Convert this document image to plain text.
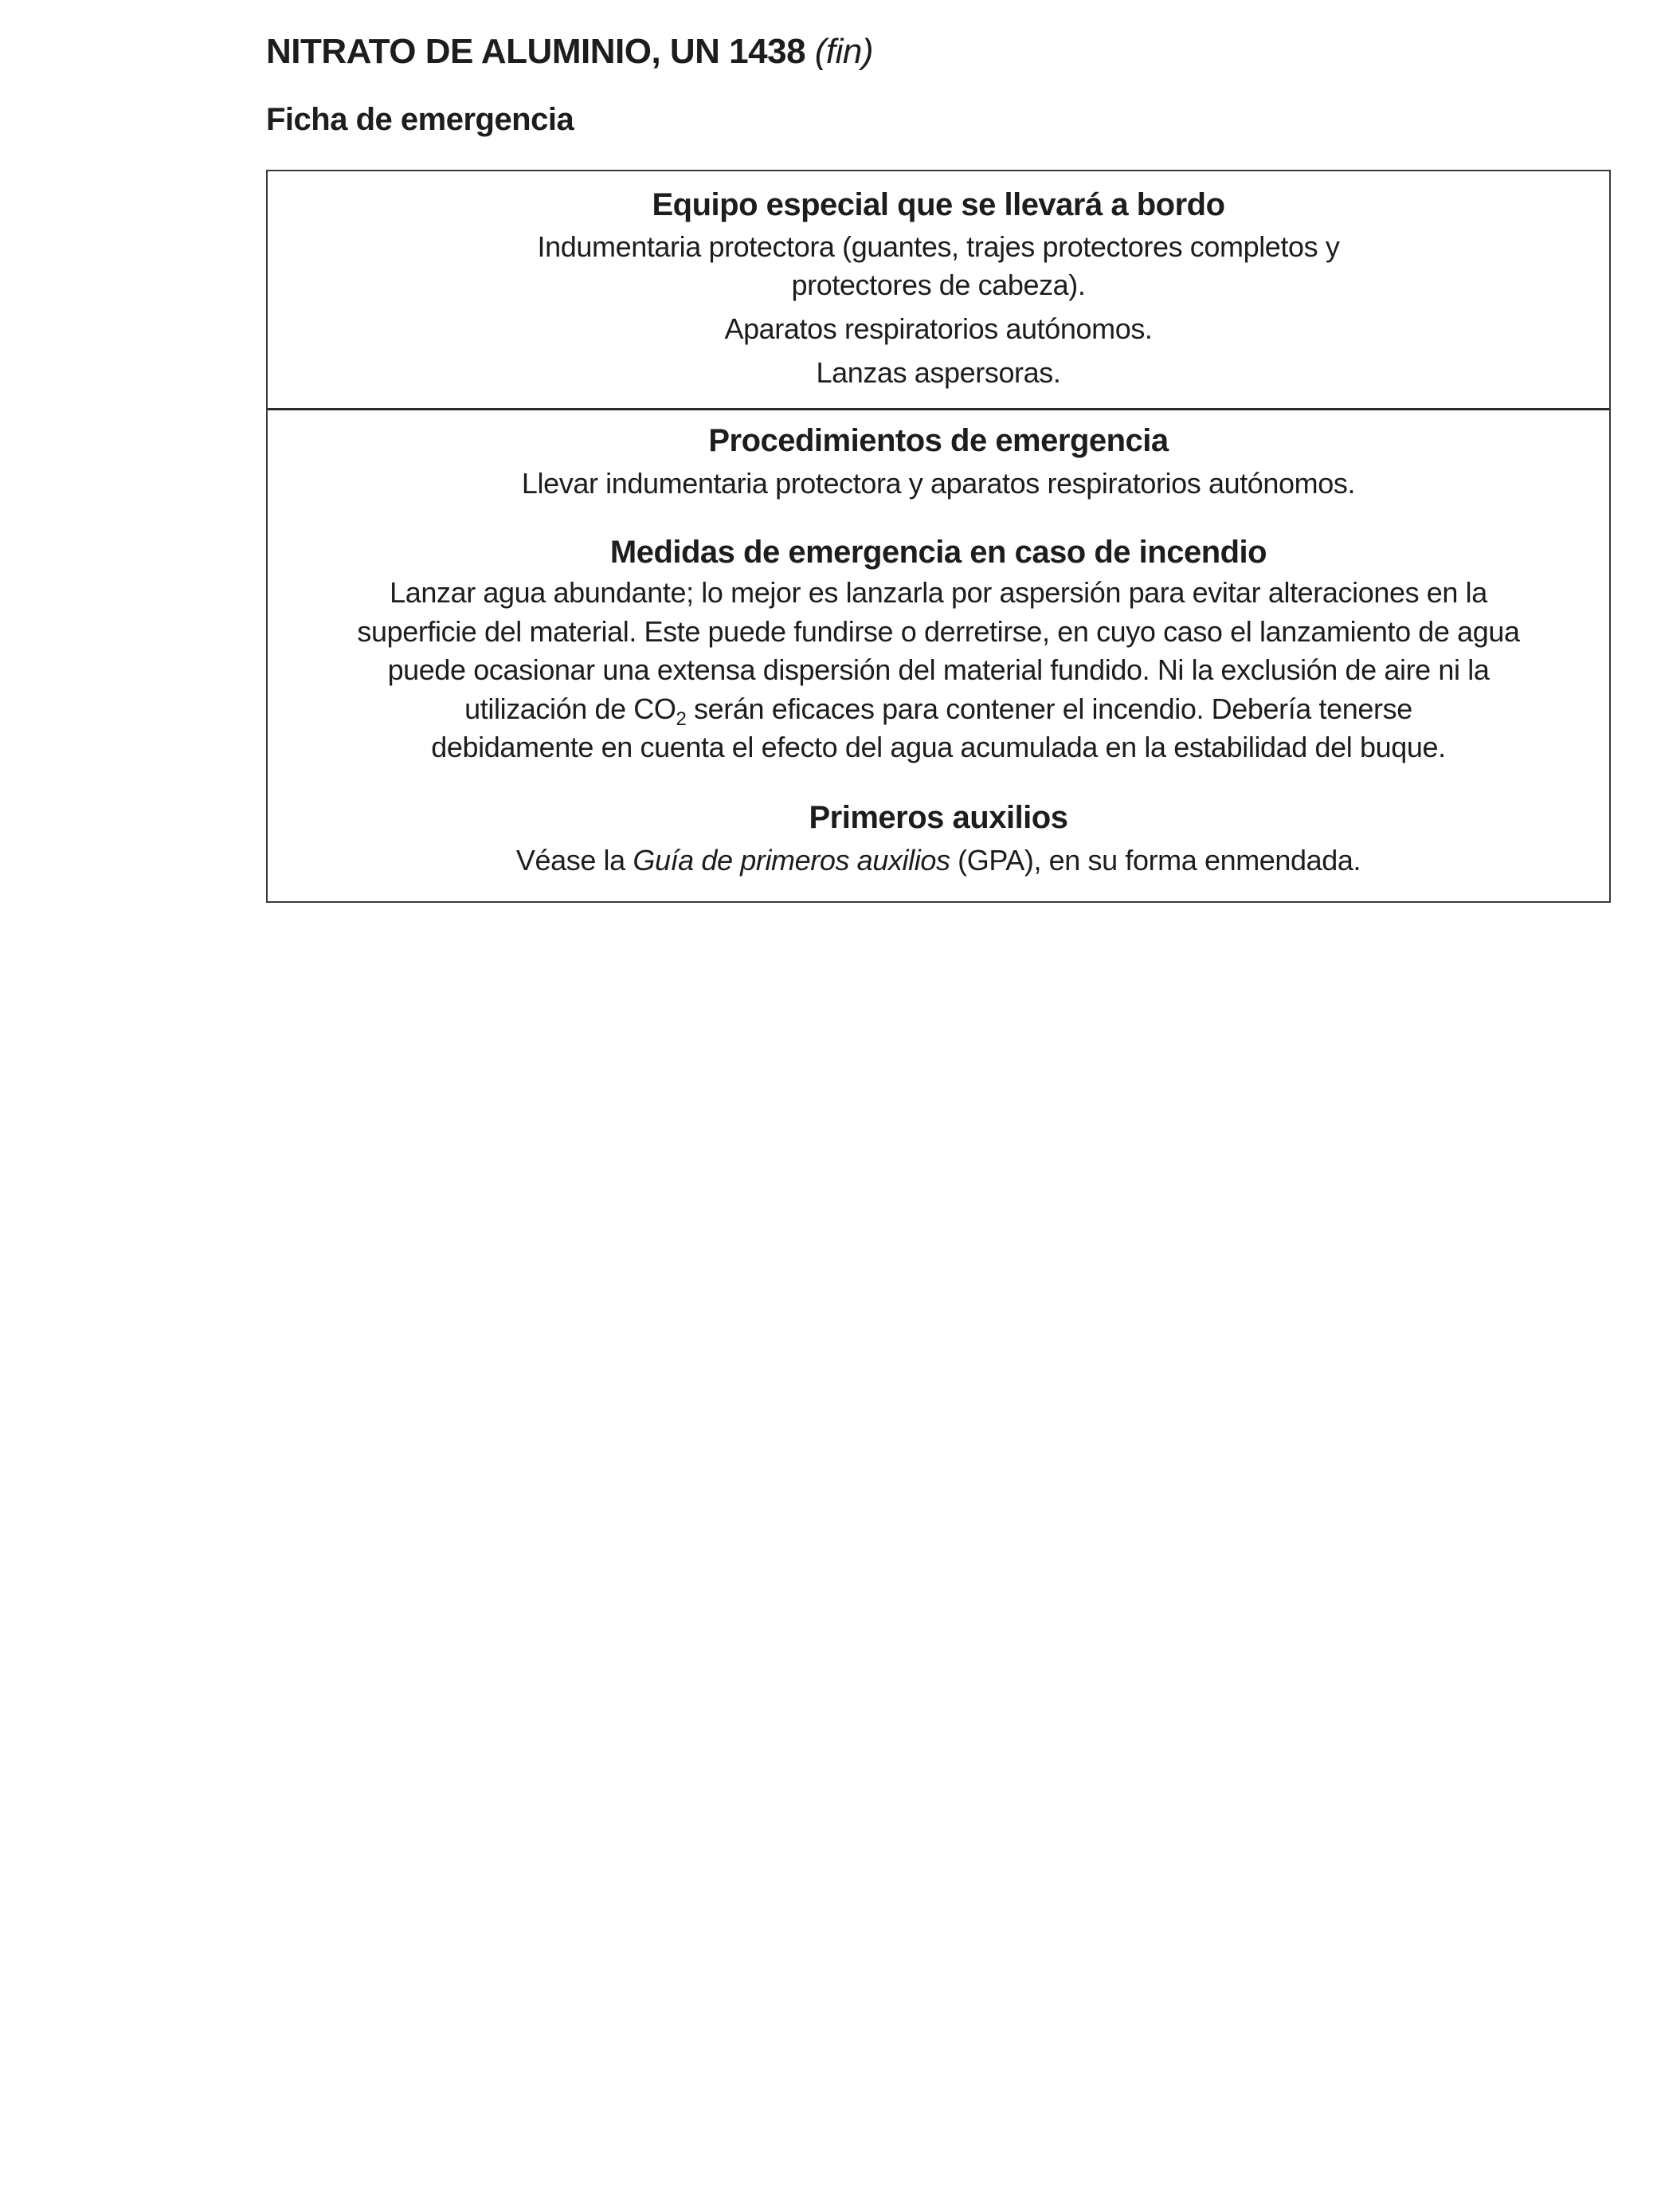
NITRATO DE ALUMINIO, UN 1438 (fin)
Ficha de emergencia
Equipo especial que se llevará a bordo
Indumentaria protectora (guantes, trajes protectores completos y
protectores de cabeza).
Aparatos respiratorios autónomos.
Lanzas aspersoras.
Procedimientos de emergencia
Llevar indumentaria protectora y aparatos respiratorios autónomos.
Medidas de emergencia en caso de incendio
Lanzar agua abundante; lo mejor es lanzarla por aspersión para evitar alteraciones en la
superficie del material. Este puede fundirse o derretirse, en cuyo caso el lanzamiento de agua
puede ocasionar una extensa dispersión del material fundido. Ni la exclusión de aire ni la
utilización de $CO_2$ serán eficaces para contener el incendio. Debería tenerse
debidamente en cuenta el efecto del agua acumulada en la estabilidad del buque.
Primeros auxilios
Véase la Guía de primeros auxilios (GPA), en su forma enmendada.
